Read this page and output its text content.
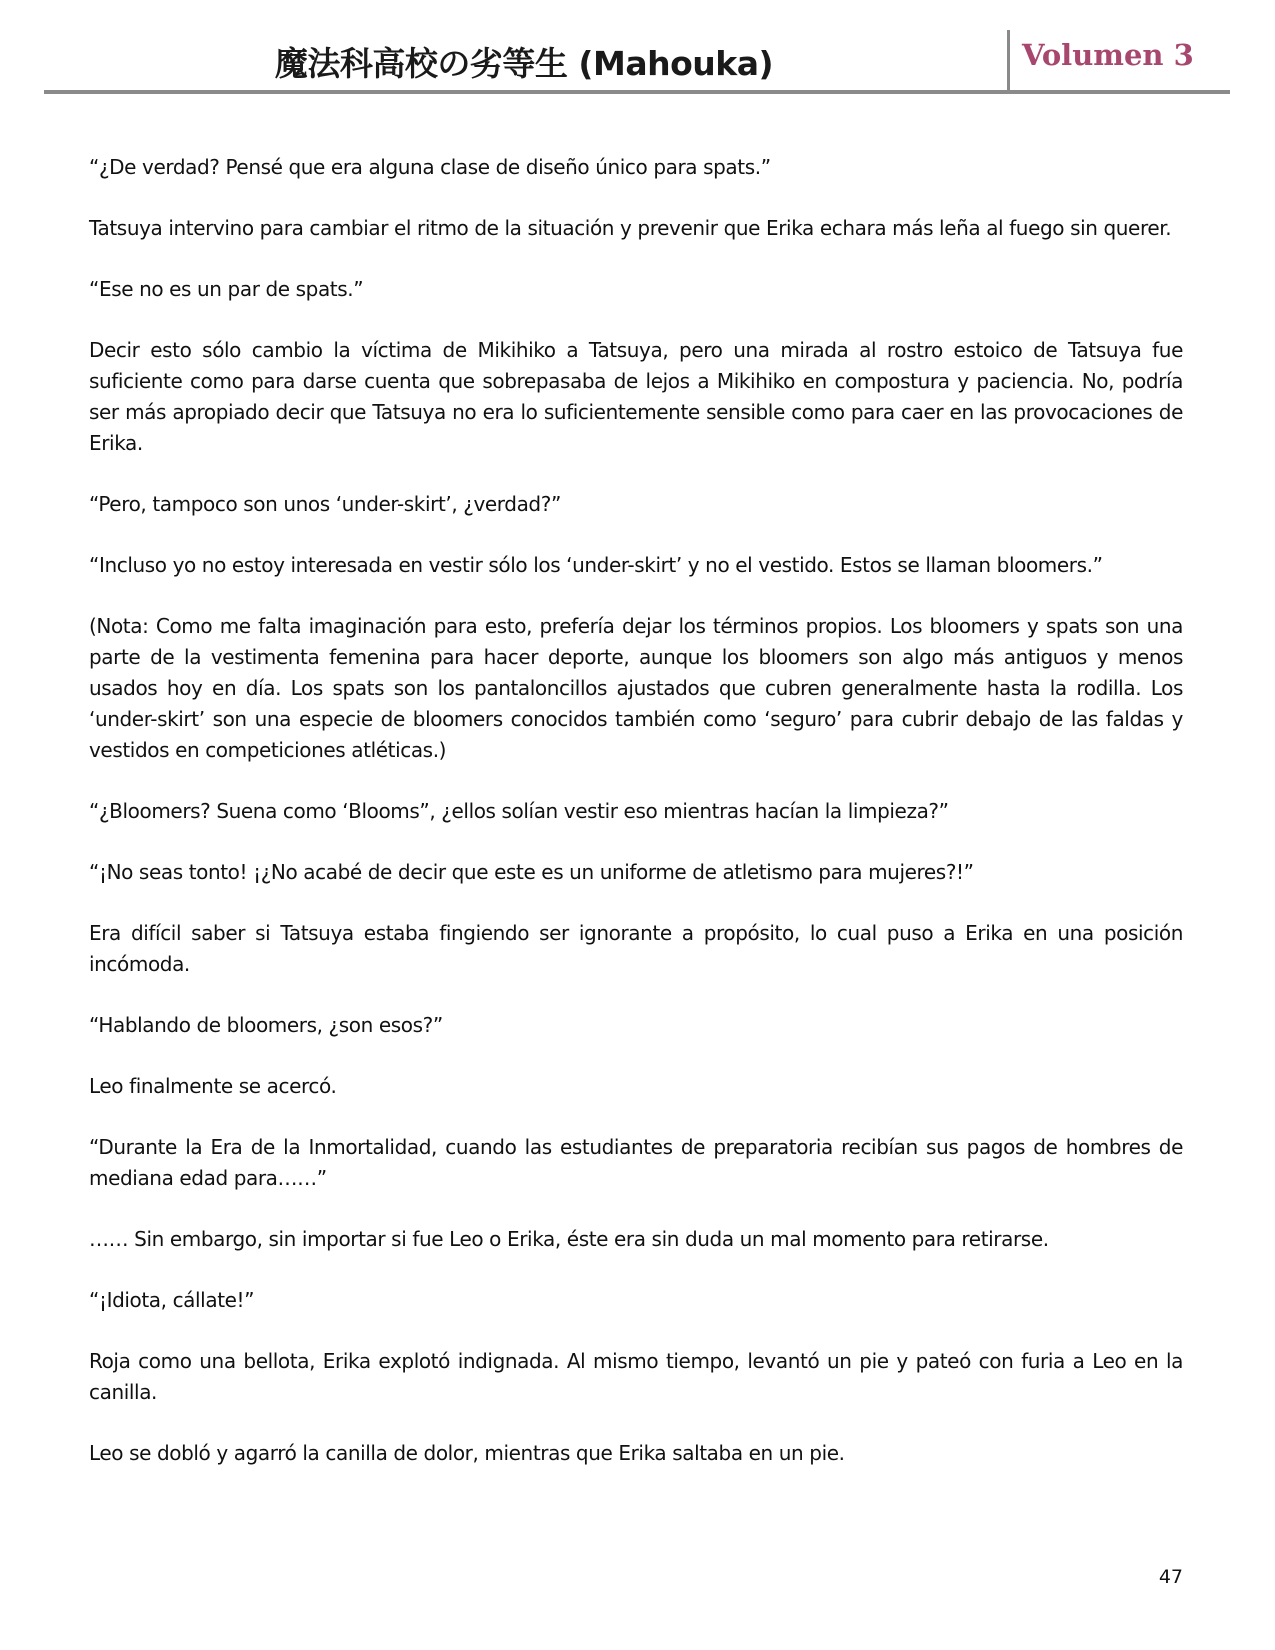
魔法科高校の劣等生 (Mahouka)	Volumen 3

“¿De verdad? Pensé que era alguna clase de diseño único para spats.”

Tatsuya intervino para cambiar el ritmo de la situación y prevenir que Erika echara más leña al fuego sin querer.

“Ese no es un par de spats.”

Decir esto sólo cambio la víctima de Mikihiko a Tatsuya, pero una mirada al rostro estoico de Tatsuya fue suficiente como para darse cuenta que sobrepasaba de lejos a Mikihiko en compostura y paciencia. No, podría ser más apropiado decir que Tatsuya no era lo suficientemente sensible como para caer en las provocaciones de Erika.

“Pero, tampoco son unos ‘under-skirt’, ¿verdad?”

“Incluso yo no estoy interesada en vestir sólo los ‘under-skirt’ y no el vestido. Estos se llaman bloomers.”

(Nota: Como me falta imaginación para esto, prefería dejar los términos propios. Los bloomers y spats son una parte de la vestimenta femenina para hacer deporte, aunque los bloomers son algo más antiguos y menos usados hoy en día. Los spats son los pantaloncillos ajustados que cubren generalmente hasta la rodilla. Los ‘under-skirt’ son una especie de bloomers conocidos también como ‘seguro’ para cubrir debajo de las faldas y vestidos en competiciones atléticas.)

“¿Bloomers? Suena como ‘Blooms”, ¿ellos solían vestir eso mientras hacían la limpieza?”

“¡No seas tonto! ¡¿No acabé de decir que este es un uniforme de atletismo para mujeres?!”

Era difícil saber si Tatsuya estaba fingiendo ser ignorante a propósito, lo cual puso a Erika en una posición incómoda.

“Hablando de bloomers, ¿son esos?”

Leo finalmente se acercó.

“Durante la Era de la Inmortalidad, cuando las estudiantes de preparatoria recibían sus pagos de hombres de mediana edad para……”

…… Sin embargo, sin importar si fue Leo o Erika, éste era sin duda un mal momento para retirarse.

“¡Idiota, cállate!”

Roja como una bellota, Erika explotó indignada. Al mismo tiempo, levantó un pie y pateó con furia a Leo en la canilla.

Leo se dobló y agarró la canilla de dolor, mientras que Erika saltaba en un pie.

47
